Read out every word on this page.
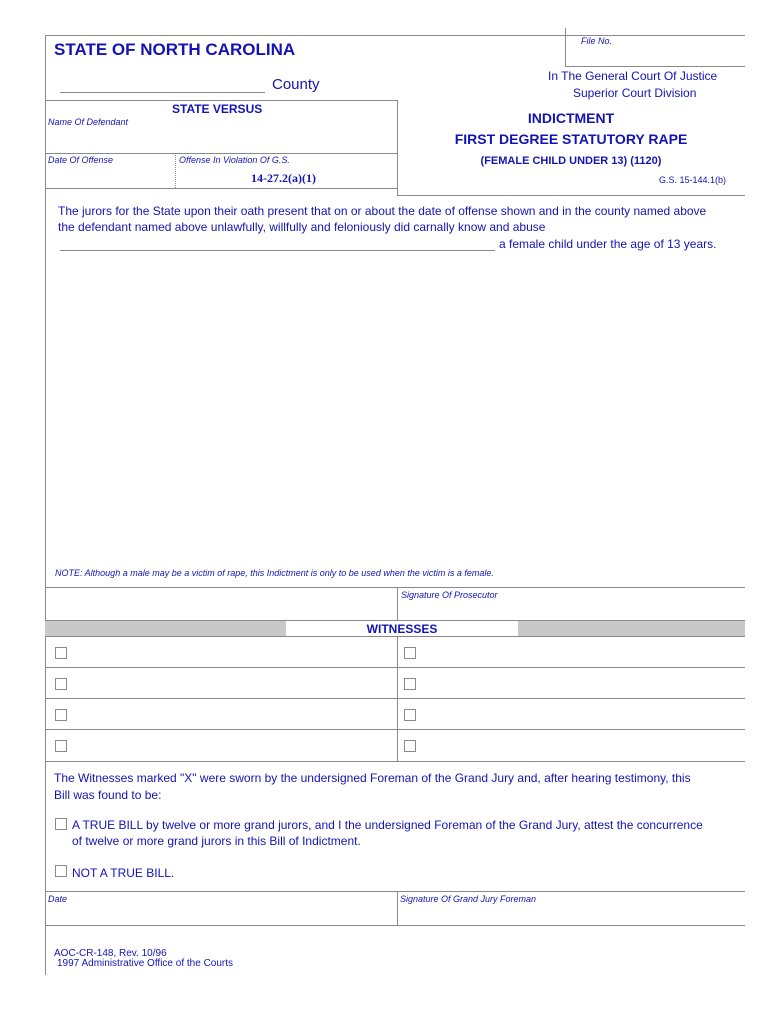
STATE OF NORTH CAROLINA	File No.
County	In The General Court Of Justice
Superior Court Division
STATE VERSUS
Name Of Defendant
Date Of Offense	Offense In Violation Of G.S.
14-27.2(a)(1)
INDICTMENT
FIRST DEGREE STATUTORY RAPE
(FEMALE CHILD UNDER 13) (1120)
G.S. 15-144.1(b)
The jurors for the State upon their oath present that on or about the date of offense shown and in the county named above
the defendant named above unlawfully, willfully and feloniously did carnally know and abuse
a female child under the age of 13 years.
NOTE: Although a male may be a victim of rape, this Indictment is only to be used when the victim is a female.
Signature Of Prosecutor
WITNESSES
The Witnesses marked "X" were sworn by the undersigned Foreman of the Grand Jury and, after hearing testimony, this
Bill was found to be:
A TRUE BILL by twelve or more grand jurors, and I the undersigned Foreman of the Grand Jury, attest the concurrence
of twelve or more grand jurors in this Bill of Indictment.
NOT A TRUE BILL.
Date	Signature Of Grand Jury Foreman
AOC-CR-148, Rev. 10/96
1997 Administrative Office of the Courts
